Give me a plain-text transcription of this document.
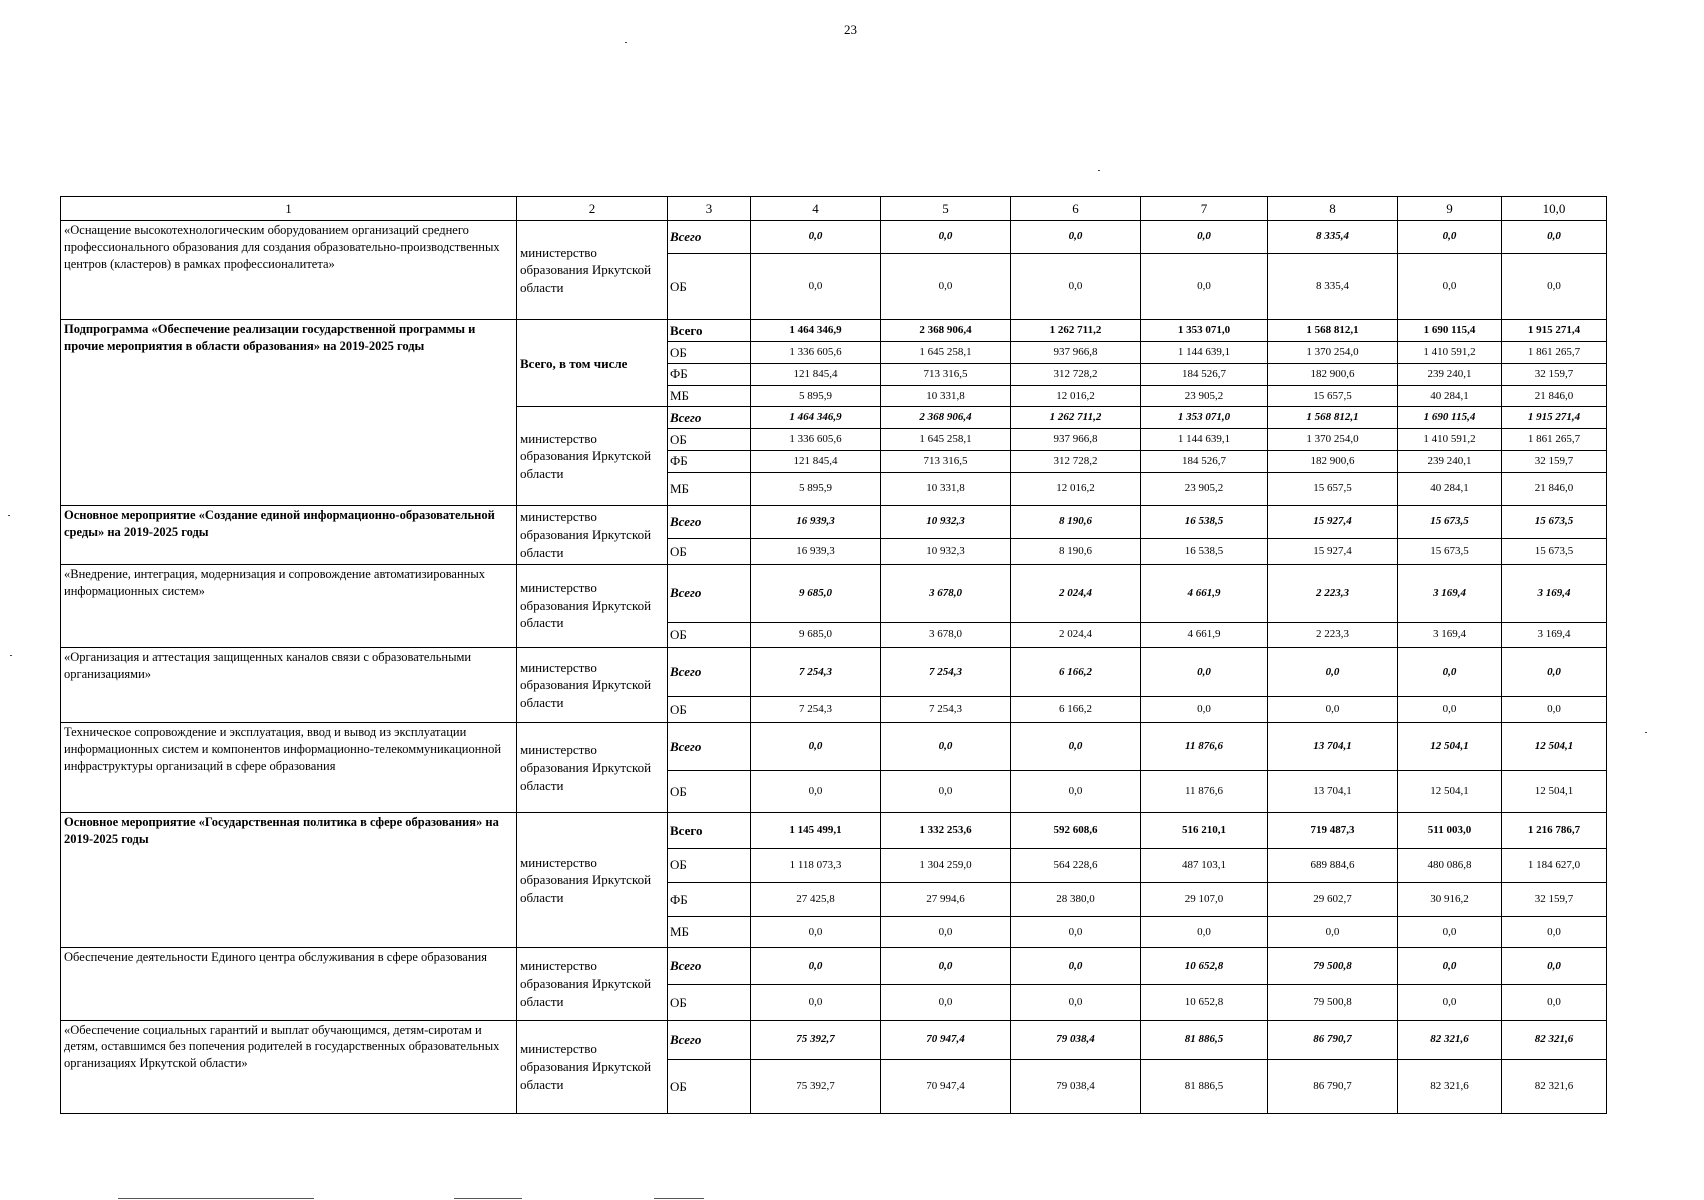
23
1	2	3	4	5	6	7	8	9	10,0
«Оснащение высокотехнологическим оборудованием организаций среднего профессионального образования для создания образовательно-производственных центров (кластеров) в рамках профессионалитета»	министерство образования Иркутской области	Всего	0,0	0,0	0,0	0,0	8 335,4	0,0	0,0
		ОБ	0,0	0,0	0,0	0,0	8 335,4	0,0	0,0
Подпрограмма «Обеспечение реализации государственной программы и прочие мероприятия в области образования» на 2019-2025 годы	Всего, в том числе	Всего	1 464 346,9	2 368 906,4	1 262 711,2	1 353 071,0	1 568 812,1	1 690 115,4	1 915 271,4
		ОБ	1 336 605,6	1 645 258,1	937 966,8	1 144 639,1	1 370 254,0	1 410 591,2	1 861 265,7
		ФБ	121 845,4	713 316,5	312 728,2	184 526,7	182 900,6	239 240,1	32 159,7
		МБ	5 895,9	10 331,8	12 016,2	23 905,2	15 657,5	40 284,1	21 846,0
	министерство образования Иркутской области	Всего	1 464 346,9	2 368 906,4	1 262 711,2	1 353 071,0	1 568 812,1	1 690 115,4	1 915 271,4
		ОБ	1 336 605,6	1 645 258,1	937 966,8	1 144 639,1	1 370 254,0	1 410 591,2	1 861 265,7
		ФБ	121 845,4	713 316,5	312 728,2	184 526,7	182 900,6	239 240,1	32 159,7
		МБ	5 895,9	10 331,8	12 016,2	23 905,2	15 657,5	40 284,1	21 846,0
Основное мероприятие «Создание единой информационно-образовательной среды» на 2019-2025 годы	министерство образования Иркутской области	Всего	16 939,3	10 932,3	8 190,6	16 538,5	15 927,4	15 673,5	15 673,5
		ОБ	16 939,3	10 932,3	8 190,6	16 538,5	15 927,4	15 673,5	15 673,5
«Внедрение, интеграция, модернизация и сопровождение автоматизированных информационных систем»	министерство образования Иркутской области	Всего	9 685,0	3 678,0	2 024,4	4 661,9	2 223,3	3 169,4	3 169,4
		ОБ	9 685,0	3 678,0	2 024,4	4 661,9	2 223,3	3 169,4	3 169,4
«Организация и аттестация защищенных каналов связи с образовательными организациями»	министерство образования Иркутской области	Всего	7 254,3	7 254,3	6 166,2	0,0	0,0	0,0	0,0
		ОБ	7 254,3	7 254,3	6 166,2	0,0	0,0	0,0	0,0
Техническое сопровождение и эксплуатация, ввод и вывод из эксплуатации информационных систем и компонентов информационно-телекоммуникационной инфраструктуры организаций в сфере образования	министерство образования Иркутской области	Всего	0,0	0,0	0,0	11 876,6	13 704,1	12 504,1	12 504,1
		ОБ	0,0	0,0	0,0	11 876,6	13 704,1	12 504,1	12 504,1
Основное мероприятие «Государственная политика в сфере образования» на 2019-2025 годы	министерство образования Иркутской области	Всего	1 145 499,1	1 332 253,6	592 608,6	516 210,1	719 487,3	511 003,0	1 216 786,7
		ОБ	1 118 073,3	1 304 259,0	564 228,6	487 103,1	689 884,6	480 086,8	1 184 627,0
		ФБ	27 425,8	27 994,6	28 380,0	29 107,0	29 602,7	30 916,2	32 159,7
		МБ	0,0	0,0	0,0	0,0	0,0	0,0	0,0
Обеспечение деятельности Единого центра обслуживания в сфере образования	министерство образования Иркутской области	Всего	0,0	0,0	0,0	10 652,8	79 500,8	0,0	0,0
		ОБ	0,0	0,0	0,0	10 652,8	79 500,8	0,0	0,0
«Обеспечение социальных гарантий и выплат обучающимся, детям-сиротам и детям, оставшимся без попечения родителей в государственных образовательных организациях Иркутской области»	министерство образования Иркутской области	Всего	75 392,7	70 947,4	79 038,4	81 886,5	86 790,7	82 321,6	82 321,6
		ОБ	75 392,7	70 947,4	79 038,4	81 886,5	86 790,7	82 321,6	82 321,6
